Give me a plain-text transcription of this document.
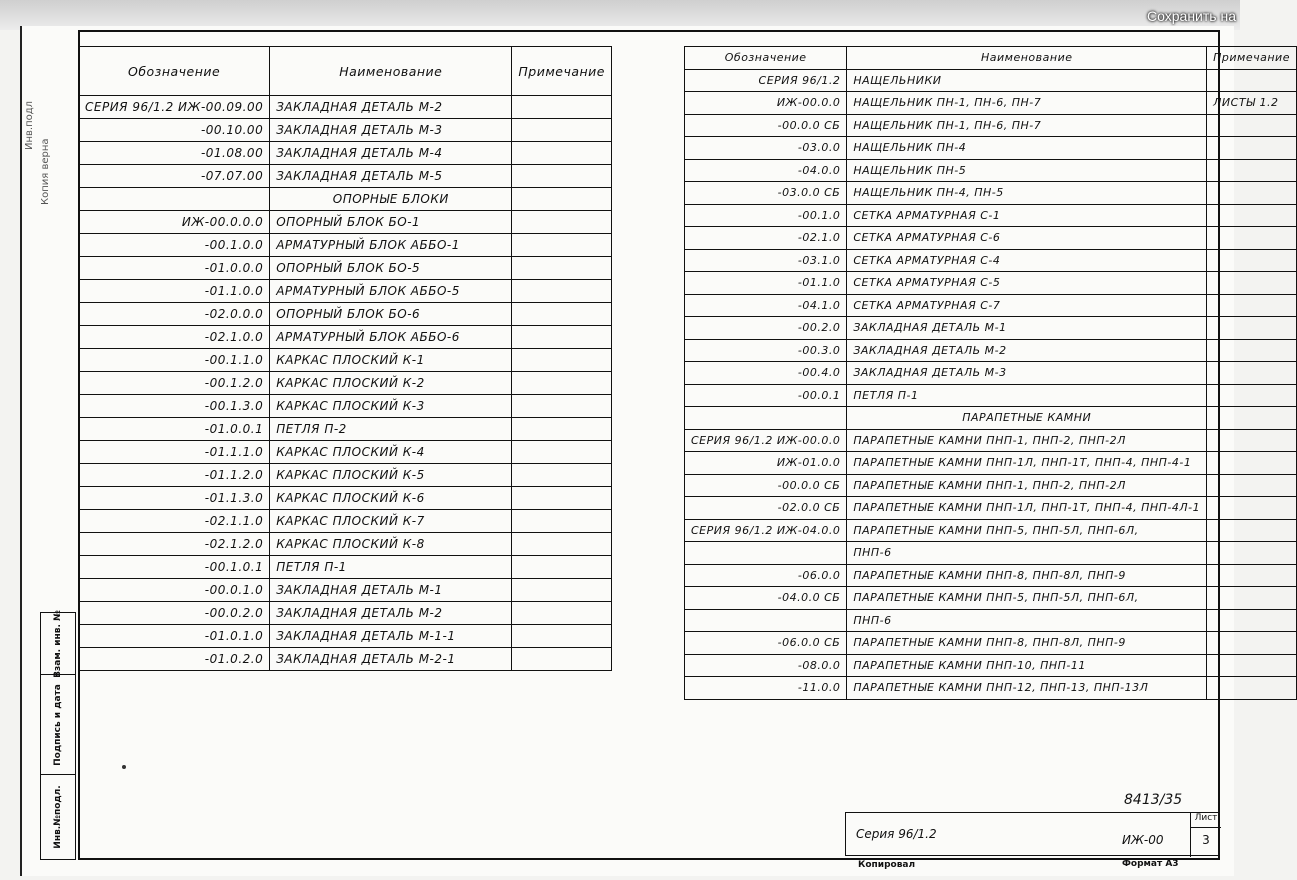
Сохранить на
Инв.подл
Копия верна
Взам. инв. №
Подпись и дата
Инв.№подл.
Обозначение	Наименование	Примечание
СЕРИЯ 96/1.2 ИЖ-00.09.00	ЗАКЛАДНАЯ ДЕТАЛЬ М-2	
-00.10.00	ЗАКЛАДНАЯ ДЕТАЛЬ М-3	
-01.08.00	ЗАКЛАДНАЯ ДЕТАЛЬ М-4	
-07.07.00	ЗАКЛАДНАЯ ДЕТАЛЬ М-5	
	ОПОРНЫЕ БЛОКИ	
ИЖ-00.0.0.0	ОПОРНЫЙ БЛОК БО-1	
-00.1.0.0	АРМАТУРНЫЙ БЛОК АББО-1	
-01.0.0.0	ОПОРНЫЙ БЛОК БО-5	
-01.1.0.0	АРМАТУРНЫЙ БЛОК АББО-5	
-02.0.0.0	ОПОРНЫЙ БЛОК БО-6	
-02.1.0.0	АРМАТУРНЫЙ БЛОК АББО-6	
-00.1.1.0	КАРКАС ПЛОСКИЙ К-1	
-00.1.2.0	КАРКАС ПЛОСКИЙ К-2	
-00.1.3.0	КАРКАС ПЛОСКИЙ К-3	
-01.0.0.1	ПЕТЛЯ П-2	
-01.1.1.0	КАРКАС ПЛОСКИЙ К-4	
-01.1.2.0	КАРКАС ПЛОСКИЙ К-5	
-01.1.3.0	КАРКАС ПЛОСКИЙ К-6	
-02.1.1.0	КАРКАС ПЛОСКИЙ К-7	
-02.1.2.0	КАРКАС ПЛОСКИЙ К-8	
-00.1.0.1	ПЕТЛЯ П-1	
-00.0.1.0	ЗАКЛАДНАЯ ДЕТАЛЬ М-1	
-00.0.2.0	ЗАКЛАДНАЯ ДЕТАЛЬ М-2	
-01.0.1.0	ЗАКЛАДНАЯ ДЕТАЛЬ М-1-1	
-01.0.2.0	ЗАКЛАДНАЯ ДЕТАЛЬ М-2-1	
Обозначение	Наименование	Примечание
СЕРИЯ 96/1.2	НАЩЕЛЬНИКИ	
ИЖ-00.0.0	НАЩЕЛЬНИК ПН-1, ПН-6, ПН-7	ЛИСТЫ 1.2
-00.0.0 СБ	НАЩЕЛЬНИК ПН-1, ПН-6, ПН-7	
-03.0.0	НАЩЕЛЬНИК ПН-4	
-04.0.0	НАЩЕЛЬНИК ПН-5	
-03.0.0 СБ	НАЩЕЛЬНИК ПН-4, ПН-5	
-00.1.0	СЕТКА АРМАТУРНАЯ С-1	
-02.1.0	СЕТКА АРМАТУРНАЯ С-6	
-03.1.0	СЕТКА АРМАТУРНАЯ С-4	
-01.1.0	СЕТКА АРМАТУРНАЯ С-5	
-04.1.0	СЕТКА АРМАТУРНАЯ С-7	
-00.2.0	ЗАКЛАДНАЯ ДЕТАЛЬ М-1	
-00.3.0	ЗАКЛАДНАЯ ДЕТАЛЬ М-2	
-00.4.0	ЗАКЛАДНАЯ ДЕТАЛЬ М-3	
-00.0.1	ПЕТЛЯ П-1	
	ПАРАПЕТНЫЕ КАМНИ	
СЕРИЯ 96/1.2 ИЖ-00.0.0	ПАРАПЕТНЫЕ КАМНИ ПНП-1, ПНП-2, ПНП-2Л	
ИЖ-01.0.0	ПАРАПЕТНЫЕ КАМНИ ПНП-1Л, ПНП-1Т, ПНП-4, ПНП-4-1	
-00.0.0 СБ	ПАРАПЕТНЫЕ КАМНИ ПНП-1, ПНП-2, ПНП-2Л	
-02.0.0 СБ	ПАРАПЕТНЫЕ КАМНИ ПНП-1Л, ПНП-1Т, ПНП-4, ПНП-4Л-1	
СЕРИЯ 96/1.2 ИЖ-04.0.0	ПАРАПЕТНЫЕ КАМНИ ПНП-5, ПНП-5Л, ПНП-6Л,	
	ПНП-6	
-06.0.0	ПАРАПЕТНЫЕ КАМНИ ПНП-8, ПНП-8Л, ПНП-9	
-04.0.0 СБ	ПАРАПЕТНЫЕ КАМНИ ПНП-5, ПНП-5Л, ПНП-6Л,	
	ПНП-6	
-06.0.0 СБ	ПАРАПЕТНЫЕ КАМНИ ПНП-8, ПНП-8Л, ПНП-9	
-08.0.0	ПАРАПЕТНЫЕ КАМНИ ПНП-10, ПНП-11	
-11.0.0	ПАРАПЕТНЫЕ КАМНИ ПНП-12, ПНП-13, ПНП-13Л	
8413/35
Серия 96/1.2	ИЖ-00
Лист
3
Копировал	Формат А3
